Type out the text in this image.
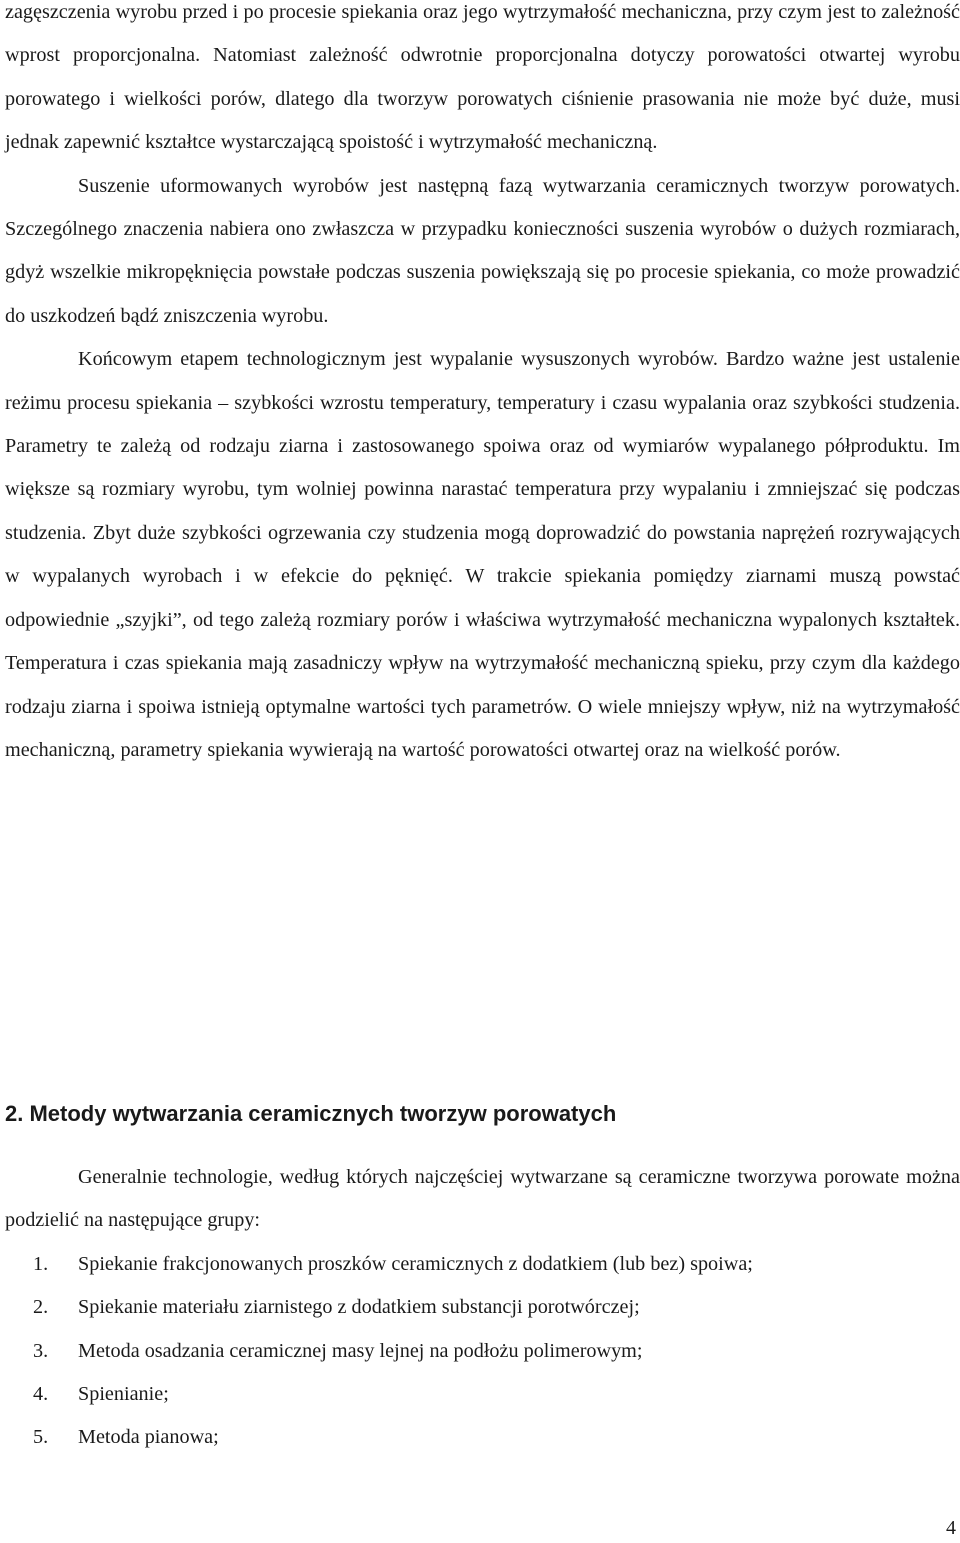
zagęszczenia wyrobu przed i po procesie spiekania oraz jego wytrzymałość mechaniczna, przy czym jest to zależność wprost proporcjonalna. Natomiast zależność odwrotnie proporcjonalna dotyczy porowatości otwartej wyrobu porowatego i wielkości porów, dlatego dla tworzyw porowatych ciśnienie prasowania nie może być duże, musi jednak zapewnić kształtce wystarczającą spoistość i wytrzymałość mechaniczną.

Suszenie uformowanych wyrobów jest następną fazą wytwarzania ceramicznych tworzyw porowatych. Szczególnego znaczenia nabiera ono zwłaszcza w przypadku konieczności suszenia wyrobów o dużych rozmiarach, gdyż wszelkie mikropęknięcia powstałe podczas suszenia powiększają się po procesie spiekania, co może prowadzić do uszkodzeń bądź zniszczenia wyrobu.

Końcowym etapem technologicznym jest wypalanie wysuszonych wyrobów. Bardzo ważne jest ustalenie reżimu procesu spiekania – szybkości wzrostu temperatury, temperatury i czasu wypalania oraz szybkości studzenia. Parametry te zależą od rodzaju ziarna i zastosowanego spoiwa oraz od wymiarów wypalanego półproduktu. Im większe są rozmiary wyrobu, tym wolniej powinna narastać temperatura przy wypalaniu i zmniejszać się podczas studzenia. Zbyt duże szybkości ogrzewania czy studzenia mogą doprowadzić do powstania naprężeń rozrywających w wypalanych wyrobach i w efekcie do pęknięć. W trakcie spiekania pomiędzy ziarnami muszą powstać odpowiednie „szyjki”, od tego zależą rozmiary porów i właściwa wytrzymałość mechaniczna wypalonych kształtek. Temperatura i czas spiekania mają zasadniczy wpływ na wytrzymałość mechaniczną spieku, przy czym dla każdego rodzaju ziarna i spoiwa istnieją optymalne wartości tych parametrów. O wiele mniejszy wpływ, niż na wytrzymałość mechaniczną, parametry spiekania wywierają na wartość porowatości otwartej oraz na wielkość porów.

2. Metody wytwarzania ceramicznych tworzyw porowatych

Generalnie technologie, według których najczęściej wytwarzane są ceramiczne tworzywa porowate można podzielić na następujące grupy:

1.	Spiekanie frakcjonowanych proszków ceramicznych z dodatkiem (lub bez) spoiwa;
2.	Spiekanie materiału ziarnistego z dodatkiem substancji porotwórczej;
3.	Metoda osadzania ceramicznej masy lejnej na podłożu polimerowym;
4.	Spienianie;
5.	Metoda pianowa;

4
